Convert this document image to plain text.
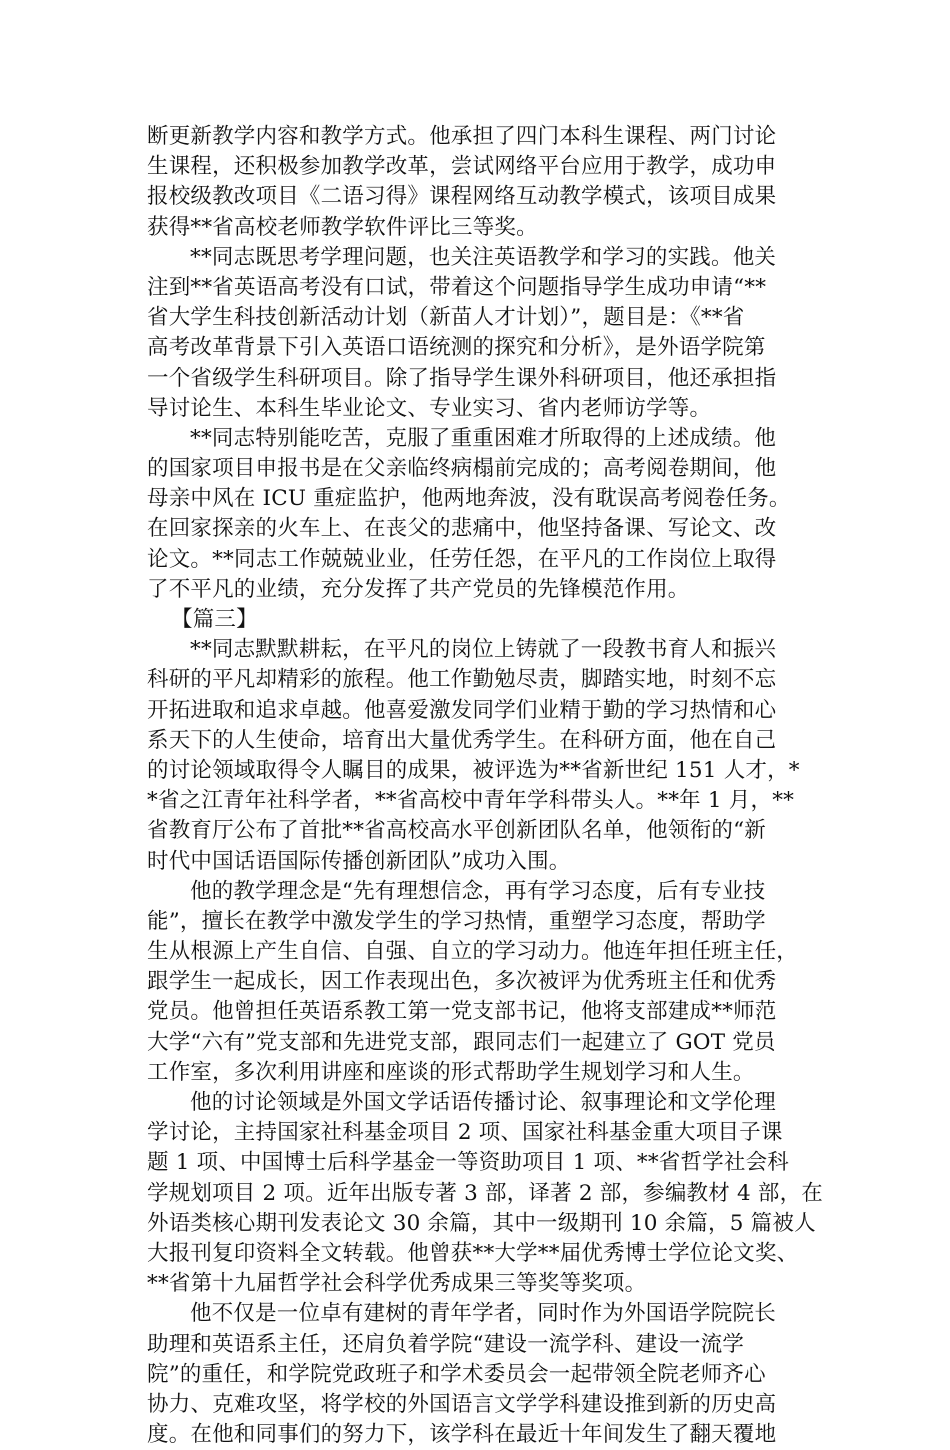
断更新教学内容和教学方式。他承担了四门本科生课程、两门讨论
生课程，还积极参加教学改革，尝试网络平台应用于教学，成功申
报校级教改项目《二语习得》课程网络互动教学模式，该项目成果
获得**省高校老师教学软件评比三等奖。
**同志既思考学理问题，也关注英语教学和学习的实践。他关
注到**省英语高考没有口试，带着这个问题指导学生成功申请“**
省大学生科技创新活动计划（新苗人才计划）”，题目是：《**省
高考改革背景下引入英语口语统测的探究和分析》，是外语学院第
一个省级学生科研项目。除了指导学生课外科研项目，他还承担指
导讨论生、本科生毕业论文、专业实习、省内老师访学等。
**同志特别能吃苦，克服了重重困难才所取得的上述成绩。他
的国家项目申报书是在父亲临终病榻前完成的；高考阅卷期间，他
母亲中风在 ICU 重症监护，他两地奔波，没有耽误高考阅卷任务。
在回家探亲的火车上、在丧父的悲痛中，他坚持备课、写论文、改
论文。**同志工作兢兢业业，任劳任怨，在平凡的工作岗位上取得
了不平凡的业绩，充分发挥了共产党员的先锋模范作用。
【篇三】
**同志默默耕耘，在平凡的岗位上铸就了一段教书育人和振兴
科研的平凡却精彩的旅程。他工作勤勉尽责，脚踏实地，时刻不忘
开拓进取和追求卓越。他喜爱激发同学们业精于勤的学习热情和心
系天下的人生使命，培育出大量优秀学生。在科研方面，他在自己
的讨论领域取得令人瞩目的成果，被评选为**省新世纪 151 人才，*
*省之江青年社科学者，**省高校中青年学科带头人。**年 1 月，**
省教育厅公布了首批**省高校高水平创新团队名单，他领衔的“新
时代中国话语国际传播创新团队”成功入围。
他的教学理念是“先有理想信念，再有学习态度，后有专业技
能”，擅长在教学中激发学生的学习热情，重塑学习态度，帮助学
生从根源上产生自信、自强、自立的学习动力。他连年担任班主任，
跟学生一起成长，因工作表现出色，多次被评为优秀班主任和优秀
党员。他曾担任英语系教工第一党支部书记，他将支部建成**师范
大学“六有”党支部和先进党支部，跟同志们一起建立了 GOT 党员
工作室，多次利用讲座和座谈的形式帮助学生规划学习和人生。
他的讨论领域是外国文学话语传播讨论、叙事理论和文学伦理
学讨论，主持国家社科基金项目 2 项、国家社科基金重大项目子课
题 1 项、中国博士后科学基金一等资助项目 1 项、**省哲学社会科
学规划项目 2 项。近年出版专著 3 部，译著 2 部，参编教材 4 部，在
外语类核心期刊发表论文 30 余篇，其中一级期刊 10 余篇，5 篇被人
大报刊复印资料全文转载。他曾获**大学**届优秀博士学位论文奖、
**省第十九届哲学社会科学优秀成果三等奖等奖项。
他不仅是一位卓有建树的青年学者，同时作为外国语学院院长
助理和英语系主任，还肩负着学院“建设一流学科、建设一流学
院”的重任，和学院党政班子和学术委员会一起带领全院老师齐心
协力、克难攻坚，将学校的外国语言文学学科建设推到新的历史高
度。在他和同事们的努力下，该学科在最近十年间发生了翻天覆地
